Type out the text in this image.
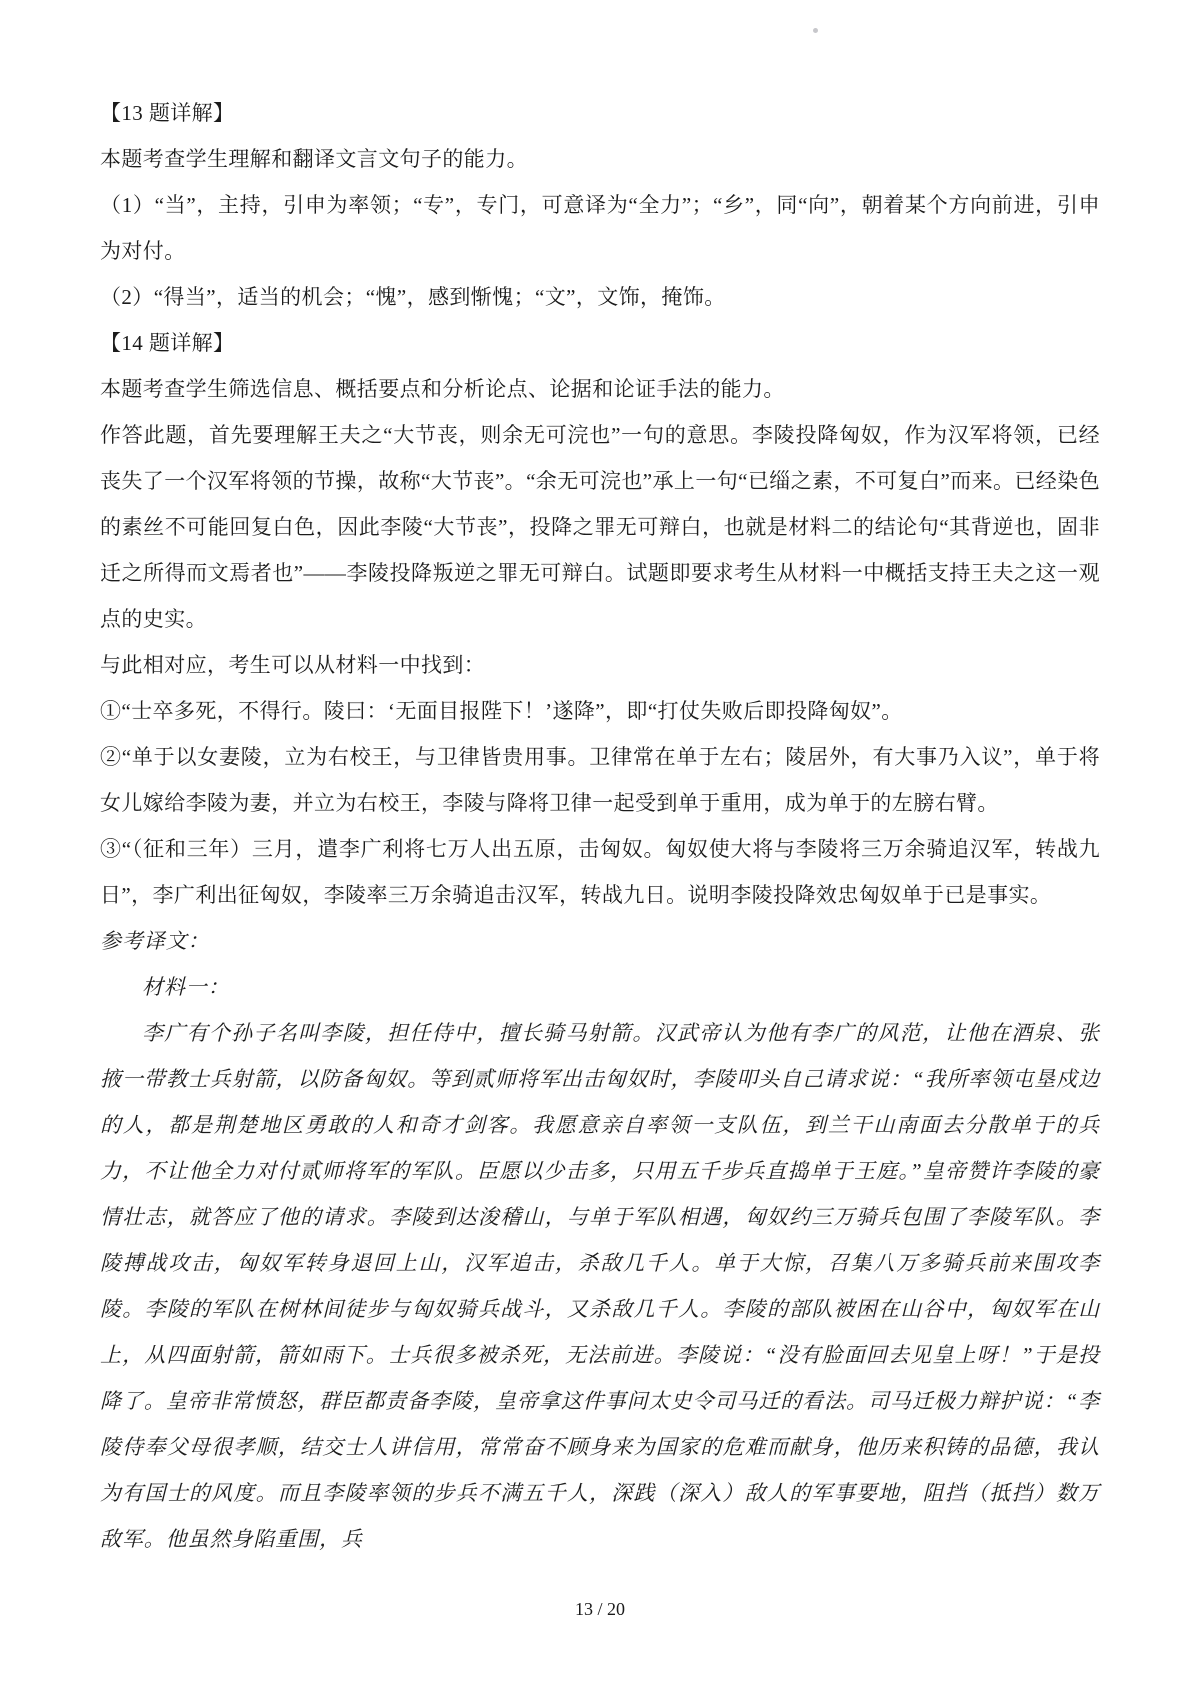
【13 题详解】

本题考查学生理解和翻译文言文句子的能力。

（1）“当”，主持，引申为率领；“专”，专门，可意译为“全力”；“乡”，同“向”，朝着某个方向前进，引申为对付。

（2）“得当”，适当的机会；“愧”，感到惭愧；“文”，文饰，掩饰。

【14 题详解】

本题考查学生筛选信息、概括要点和分析论点、论据和论证手法的能力。

作答此题，首先要理解王夫之“大节丧，则余无可浣也”一句的意思。李陵投降匈奴，作为汉军将领，已经丧失了一个汉军将领的节操，故称“大节丧”。“余无可浣也”承上一句“已缁之素，不可复白”而来。已经染色的素丝不可能回复白色，因此李陵“大节丧”，投降之罪无可辩白，也就是材料二的结论句“其背逆也，固非迁之所得而文焉者也”——李陵投降叛逆之罪无可辩白。试题即要求考生从材料一中概括支持王夫之这一观点的史实。

与此相对应，考生可以从材料一中找到：

①“士卒多死，不得行。陵曰：‘无面目报陛下！’遂降”，即“打仗失败后即投降匈奴”。

②“单于以女妻陵，立为右校王，与卫律皆贵用事。卫律常在单于左右；陵居外，有大事乃入议”，单于将女儿嫁给李陵为妻，并立为右校王，李陵与降将卫律一起受到单于重用，成为单于的左膀右臂。

③“（征和三年）三月，遣李广利将七万人出五原，击匈奴。匈奴使大将与李陵将三万余骑追汉军，转战九日”，李广利出征匈奴，李陵率三万余骑追击汉军，转战九日。说明李陵投降效忠匈奴单于已是事实。

参考译文：

材料一：

李广有个孙子名叫李陵，担任侍中，擅长骑马射箭。汉武帝认为他有李广的风范，让他在酒泉、张掖一带教士兵射箭，以防备匈奴。等到贰师将军出击匈奴时，李陵叩头自己请求说：“我所率领屯垦戍边的人，都是荆楚地区勇敢的人和奇才剑客。我愿意亲自率领一支队伍，到兰干山南面去分散单于的兵力，不让他全力对付贰师将军的军队。臣愿以少击多，只用五千步兵直捣单于王庭。”皇帝赞许李陵的豪情壮志，就答应了他的请求。李陵到达浚稽山，与单于军队相遇，匈奴约三万骑兵包围了李陵军队。李陵搏战攻击，匈奴军转身退回上山，汉军追击，杀敌几千人。单于大惊，召集八万多骑兵前来围攻李陵。李陵的军队在树林间徒步与匈奴骑兵战斗，又杀敌几千人。李陵的部队被困在山谷中，匈奴军在山上，从四面射箭，箭如雨下。士兵很多被杀死，无法前进。李陵说：“没有脸面回去见皇上呀！”于是投降了。皇帝非常愤怒，群臣都责备李陵，皇帝拿这件事问太史令司马迁的看法。司马迁极力辩护说：“李陵侍奉父母很孝顺，结交士人讲信用，常常奋不顾身来为国家的危难而献身，他历来积铸的品德，我认为有国士的风度。而且李陵率领的步兵不满五千人，深践（深入）敌人的军事要地，阻挡（抵挡）数万敌军。他虽然身陷重围，兵

13 / 20
